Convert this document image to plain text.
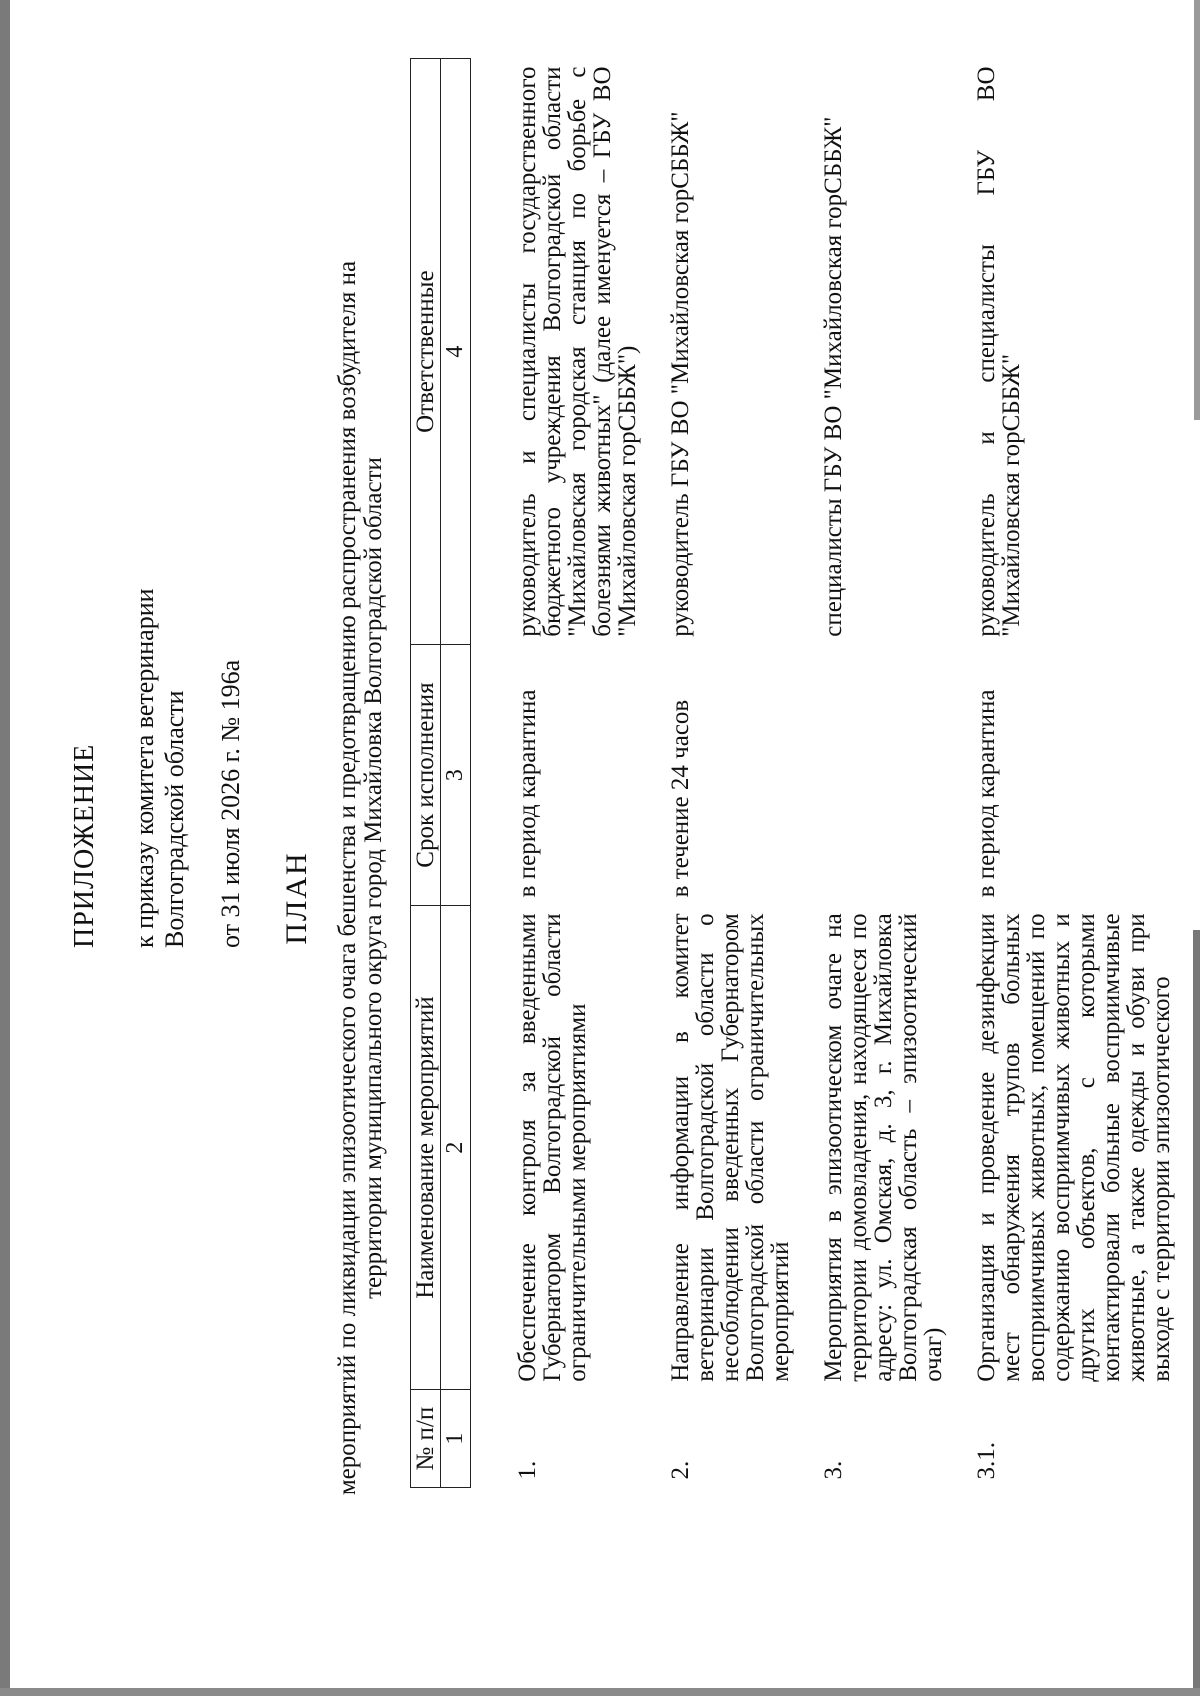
ПРИЛОЖЕНИЕ к приказу комитета ветеринарии Волгоградской области от 31 июля 2026 г. № 196а ПЛАН мероприятий по ликвидации эпизоотического очага бешенства и предотвращению распространения возбудителя на территории муниципального округа город Михайловка Волгоградской области
№ п/п	Наименование мероприятий	Срок исполнения	Ответственные
1	2	3	4
1.	Обеспечение контроля за введенными Губернатором Волгоградской области ограничительными мероприятиями	в период карантина	руководитель и специалисты государственного бюджетного учреждения Волгоградской области "Михайловская городская станция по борьбе с болезнями животных" (далее именуется – ГБУ ВО "Михайловская горСББЖ")
2.	Направление информации в комитет ветеринарии Волгоградской области о несоблюдении введенных Губернатором Волгоградской области ограничительных мероприятий	в течение 24 часов	руководитель ГБУ ВО "Михайловская горСББЖ"
3.	Мероприятия в эпизоотическом очаге на территории домовладения, находящееся по адресу: ул. Омская, д. 3, г. Михайловка Волгоградская область – эпизоотический очаг)		специалисты ГБУ ВО "Михайловская горСББЖ"
3.1.	Организация и проведение дезинфекции мест обнаружения трупов больных восприимчивых животных, помещений по содержанию восприимчивых животных и других объектов, с которыми контактировали больные восприимчивые животные, а также одежды и обуви при выходе с территории эпизоотического	в период карантина	руководитель и специалисты ГБУ ВО "Михайловская горСББЖ"
